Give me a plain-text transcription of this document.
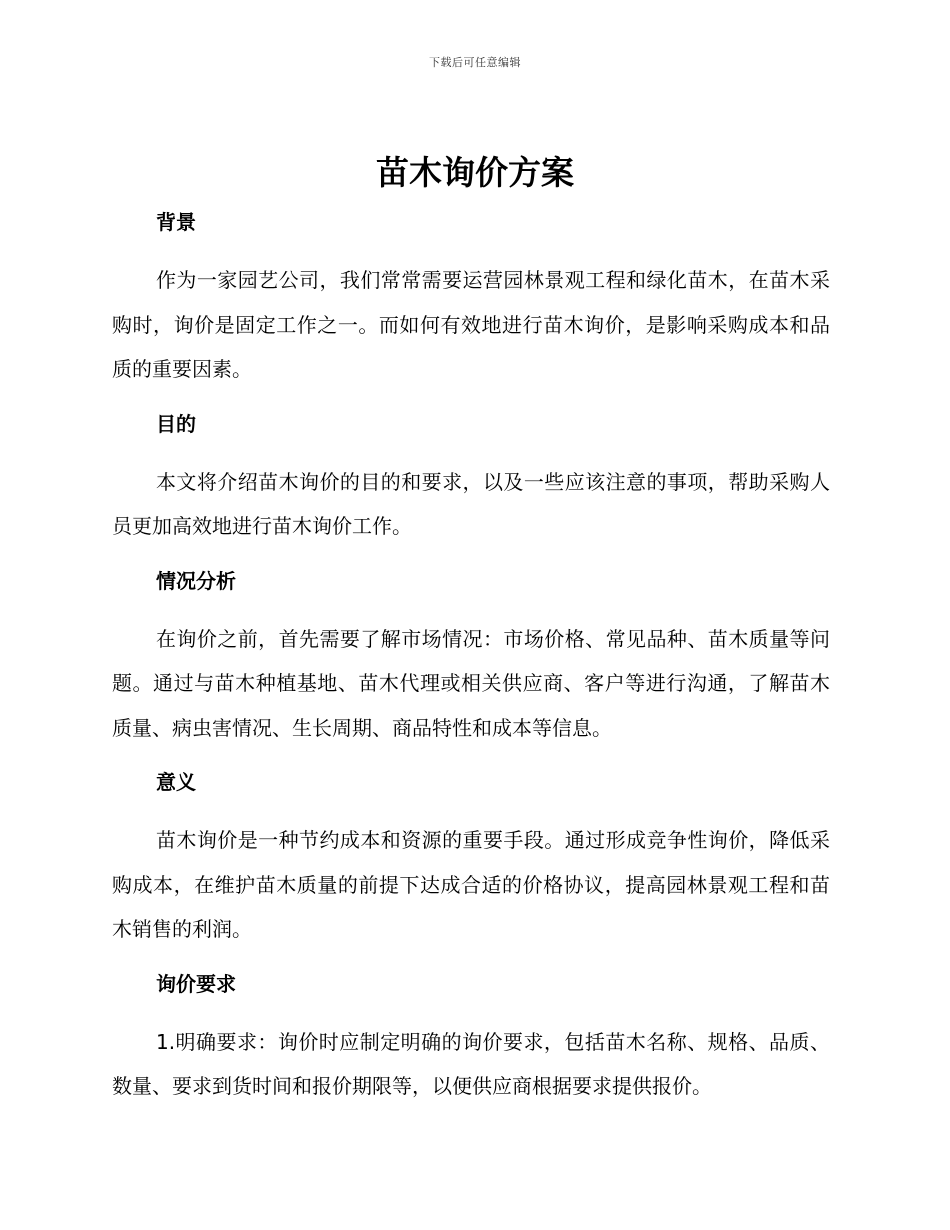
下载后可任意编辑
苗木询价方案
背景

作为一家园艺公司，我们常常需要运营园林景观工程和绿化苗木，在苗木采购时，询价是固定工作之一。而如何有效地进行苗木询价，是影响采购成本和品质的重要因素。

目的

本文将介绍苗木询价的目的和要求，以及一些应该注意的事项，帮助采购人员更加高效地进行苗木询价工作。

情况分析

在询价之前，首先需要了解市场情况：市场价格、常见品种、苗木质量等问题。通过与苗木种植基地、苗木代理或相关供应商、客户等进行沟通，了解苗木质量、病虫害情况、生长周期、商品特性和成本等信息。

意义

苗木询价是一种节约成本和资源的重要手段。通过形成竞争性询价，降低采购成本，在维护苗木质量的前提下达成合适的价格协议，提高园林景观工程和苗木销售的利润。

询价要求

1.明确要求：询价时应制定明确的询价要求，包括苗木名称、规格、品质、数量、要求到货时间和报价期限等，以便供应商根据要求提供报价。
